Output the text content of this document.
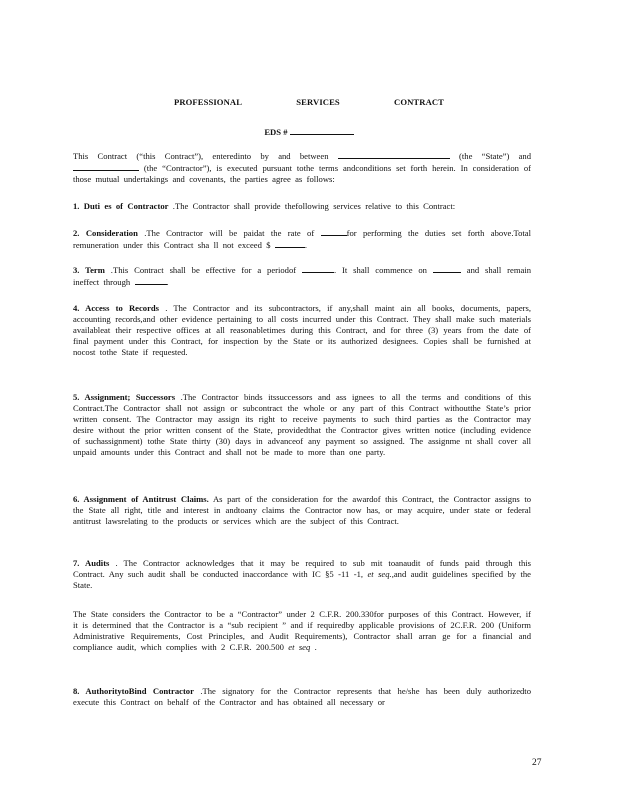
PROFESSIONAL	SERVICES	CONTRACT
EDS #

This Contract (“this Contract”), enteredinto by and between	(the “State”) and  (the “Contractor”), is executed pursuant tothe terms andconditions set forth herein. In consideration of those mutual undertakings and covenants, the parties agree as follows:

1. Duti es of Contractor .The Contractor shall provide thefollowing services relative to this Contract:

2. Consideration .The Contractor will be paidat the rate of	for performing the duties set forth above.Total remuneration under this Contract sha ll not exceed $	.

3. Term .This Contract shall be effective for a periodof	. It shall commence on	and shall remain ineffect through	.

4. Access to Records . The Contractor and its subcontractors, if any,shall maint ain all books, documents, papers, accounting records,and other evidence pertaining to all costs incurred under this Contract. They shall make such materials availableat their respective offices at all reasonabletimes during this Contract, and for three (3) years from the date of final payment under this Contract, for inspection by the State or its authorized designees. Copies shall be furnished at nocost tothe State if requested.

5. Assignment; Successors .The Contractor binds itssuccessors and ass ignees to all the terms and conditions of this Contract.The Contractor shall not assign or subcontract the whole or any part of this Contract withoutthe State’s prior written consent. The Contractor may assign its right to receive payments to such third parties as the Contractor may desire without the prior written consent of the State, providedthat the Contractor gives written notice (including evidence of suchassignment) tothe State thirty (30) days in advanceof any payment so assigned. The assignme nt shall cover all unpaid amounts under this Contract and shall not be made to more than one party.

6. Assignment of Antitrust Claims. As part of the consideration for the awardof this Contract, the Contractor assigns to the State all right, title and interest in andtoany claims the Contractor now has, or may acquire, under state or federal antitrust lawsrelating to the products or services which are the subject of this Contract.

7. Audits . The Contractor acknowledges that it may be required to sub mit toanaudit of funds paid through this Contract. Any such audit shall be conducted inaccordance with IC §5 -11 -1, et seq.,and audit guidelines specified by the State.

The State considers the Contractor to be a “Contractor” under 2 C.F.R. 200.330for purposes of this Contract. However, if it is determined that the Contractor is a “sub recipient ” and if requiredby applicable provisions of 2C.F.R. 200 (Uniform Administrative Requirements, Cost Principles, and Audit Requirements), Contractor shall arran ge for a financial and compliance audit, which complies with 2 C.F.R. 200.500 et seq .

8. AuthoritytoBind Contractor .The signatory for the Contractor represents that he/she has been duly authorizedto execute this Contract on behalf of the Contractor and has obtained all necessary or

27
